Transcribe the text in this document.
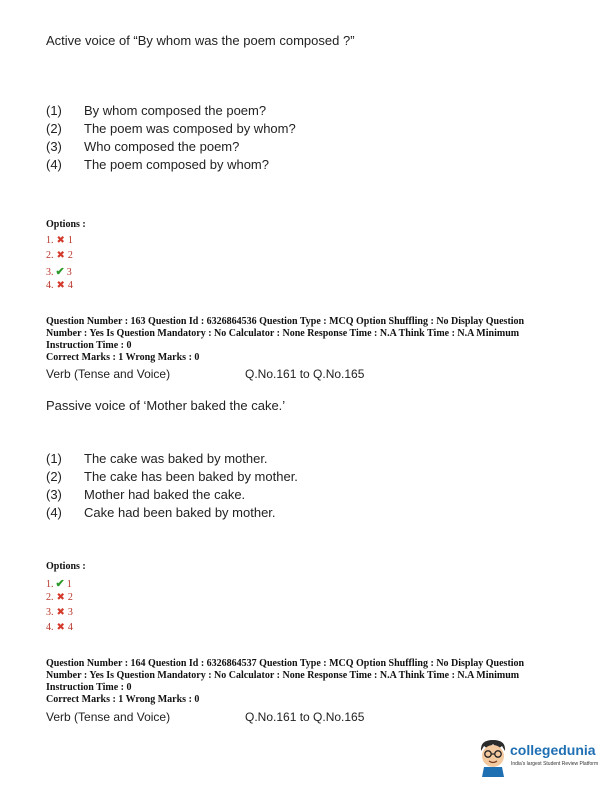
Active voice of “By whom was the poem composed ?”
(1) By whom composed the poem?
(2) The poem was composed by whom?
(3) Who composed the poem?
(4) The poem composed by whom?
Options :
1. ✖ 1
2. ✖ 2
3. ✔ 3
4. ✖ 4
Question Number : 163 Question Id : 6326864536 Question Type : MCQ Option Shuffling : No Display Question Number : Yes Is Question Mandatory : No Calculator : None Response Time : N.A Think Time : N.A Minimum Instruction Time : 0
Correct Marks : 1 Wrong Marks : 0
Verb (Tense and Voice)	Q.No.161 to Q.No.165
Passive voice of ‘Mother baked the cake.’
(1) The cake was baked by mother.
(2) The cake has been baked by mother.
(3) Mother had baked the cake.
(4) Cake had been baked by mother.
Options :
1. ✔ 1
2. ✖ 2
3. ✖ 3
4. ✖ 4
Question Number : 164 Question Id : 6326864537 Question Type : MCQ Option Shuffling : No Display Question Number : Yes Is Question Mandatory : No Calculator : None Response Time : N.A Think Time : N.A Minimum Instruction Time : 0
Correct Marks : 1 Wrong Marks : 0
Verb (Tense and Voice)	Q.No.161 to Q.No.165
collegedunia
India's largest Student Review Platform
